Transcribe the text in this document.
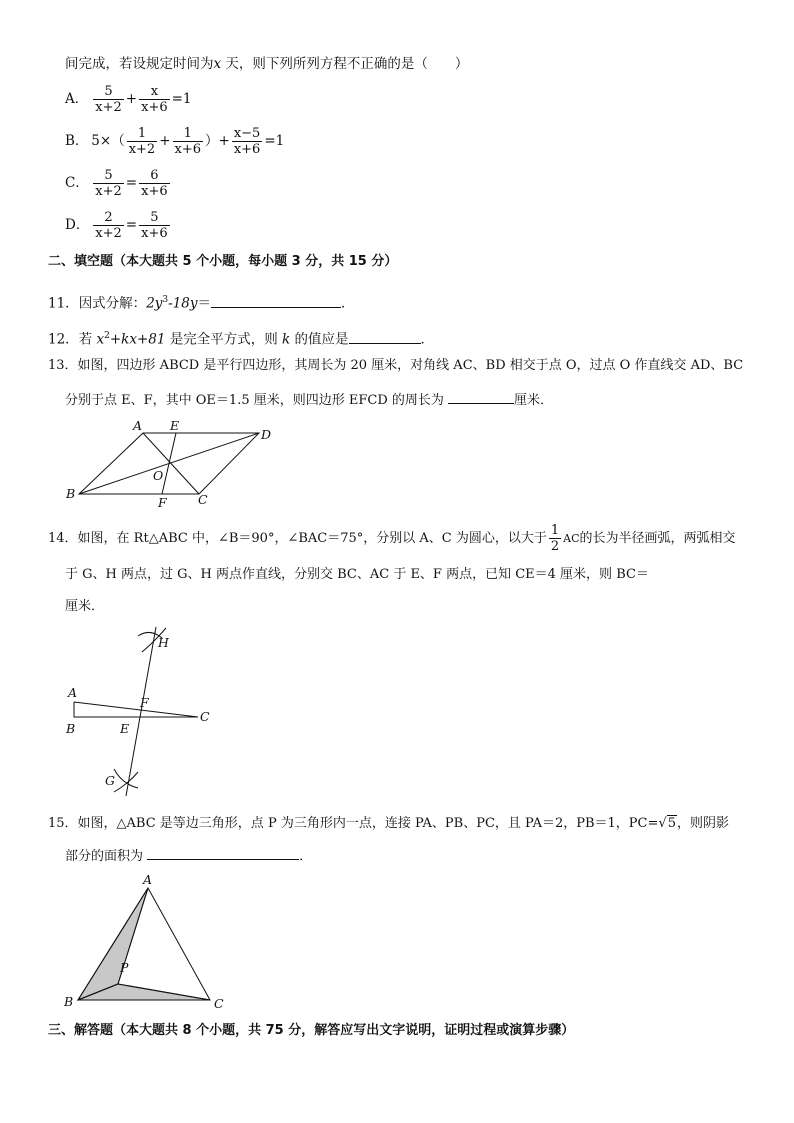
间完成，若设规定时间为x 天，则下列所列方程不正确的是（　　）
A． $\frac{5}{x+2} + \frac{x}{x+6} =1$
B． $5\times( \frac{1}{x+2} + \frac{1}{x+6}$ ）+ $\frac{x-5}{x+6} =1$
C． $\frac{5}{x+2} = \frac{6}{x+6}$
D． $\frac{2}{x+2} = \frac{5}{x+6}$
二、填空题（本大题共 5 个小题，每小题 3 分，共 15 分）
11．因式分解：$2y^3-18y=$	．
12．若 $x^2+kx+81$ 是完全平方式，则 k 的值应是	．
13．如图，四边形 ABCD 是平行四边形，其周长为 20 厘米，对角线 AC、BD 相交于点 O，过点 O 作直线交 AD、BC
分别于点 E、F，其中 OE＝1.5 厘米，则四边形 EFCD 的周长为	厘米．
A E
D
B
O
F	C
14．如图，在 Rt△ABC 中，∠B＝90°，∠BAC＝75°，分别以 A、C 为圆心，以大于 $\frac{1}{2}$ AC的长为半径画弧，两弧相交
于 G、H 两点，过 G、H 两点作直线，分别交 BC、AC 于 E、F 两点，已知 CE＝4 厘米，则 BC＝
厘米．
H
A
F
C
B	E
G
15．如图，△ABC 是等边三角形，点 P 为三角形内一点，连接 PA、PB、PC，且 PA＝2，PB＝1，PC=√5，则阴影
部分的面积为	．
A
P
B	C
三、解答题（本大题共 8 个小题，共 75 分，解答应写出文字说明，证明过程或演算步骤）
